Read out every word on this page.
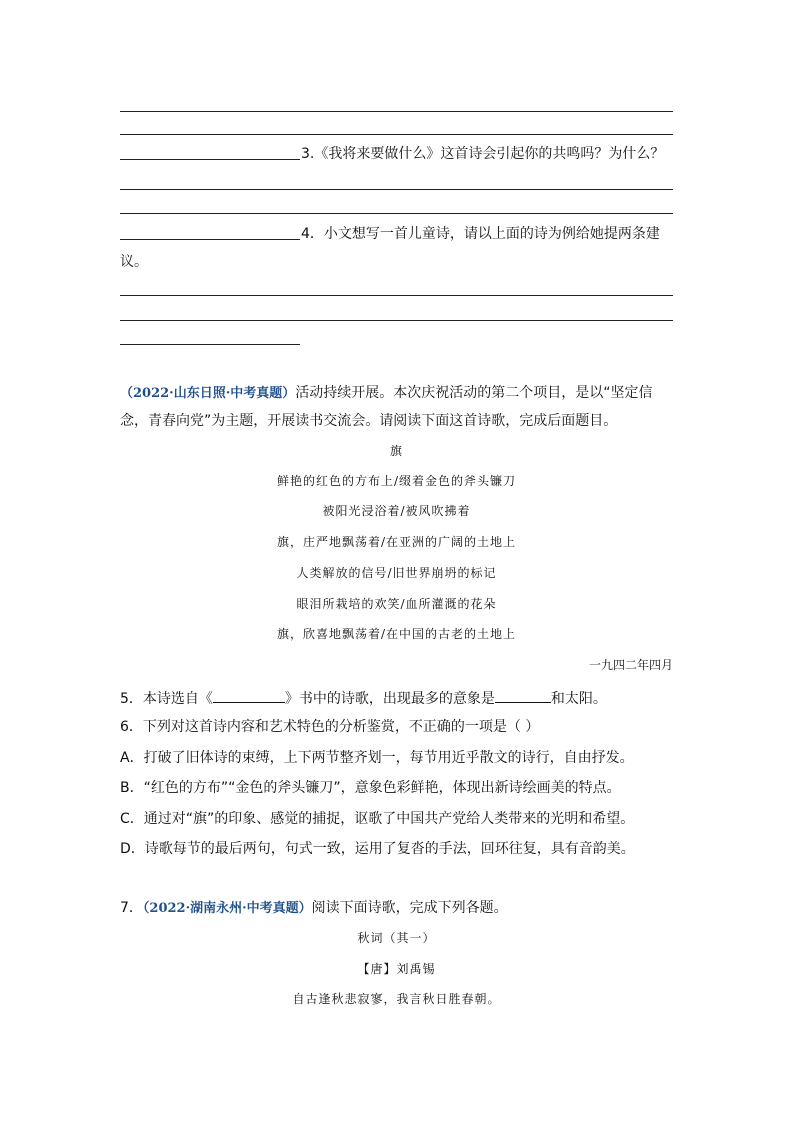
3.《我将来要做什么》这首诗会引起你的共鸣吗？为什么？
4．小文想写一首儿童诗，请以上面的诗为例给她提两条建
议。
（2022·山东日照·中考真题）活动持续开展。本次庆祝活动的第二个项目，是以“坚定信
念，青春向党”为主题，开展读书交流会。请阅读下面这首诗歌，完成后面题目。
旗
鲜艳的红色的方布上/缀着金色的斧头镰刀
被阳光浸浴着/被风吹拂着
旗，庄严地飘荡着/在亚洲的广阔的土地上
人类解放的信号/旧世界崩坍的标记
眼泪所栽培的欢笑/血所灌溉的花朵
旗，欣喜地飘荡着/在中国的古老的土地上
一九四二年四月
5．本诗选自《	》书中的诗歌，出现最多的意象是	和太阳。
6．下列对这首诗内容和艺术特色的分析鉴赏，不正确的一项是（ ）
A．打破了旧体诗的束缚，上下两节整齐划一，每节用近乎散文的诗行，自由抒发。
B．“红色的方布”“金色的斧头镰刀”，意象色彩鲜艳，体现出新诗绘画美的特点。
C．通过对“旗”的印象、感觉的捕捉，讴歌了中国共产党给人类带来的光明和希望。
D．诗歌每节的最后两句，句式一致，运用了复沓的手法，回环往复，具有音韵美。
7．（2022·湖南永州·中考真题）阅读下面诗歌，完成下列各题。
秋词（其一）
【唐】刘禹锡
自古逢秋悲寂寥，我言秋日胜春朝。
